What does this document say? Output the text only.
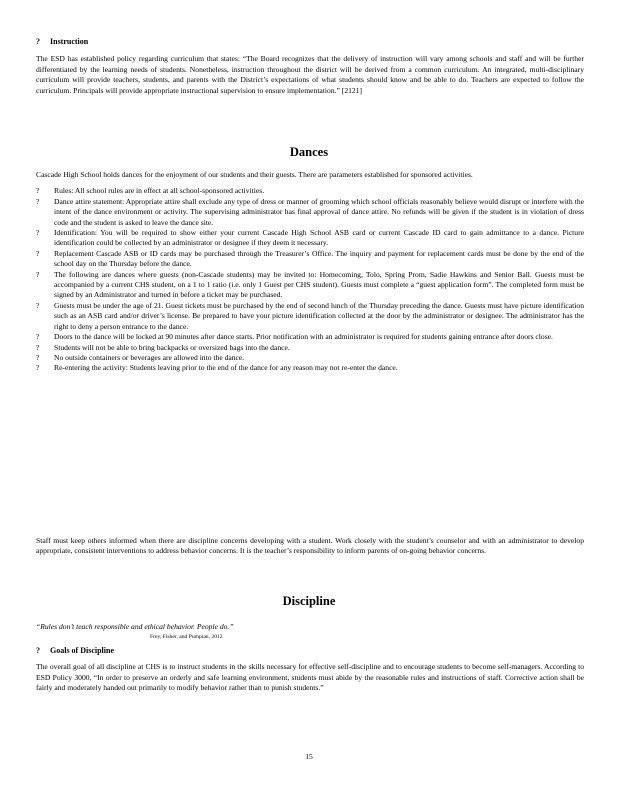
? Instruction
The ESD has established policy regarding curriculum that states: “The Board recognizes that the delivery of instruction will vary among schools and staff and will be further differentiated by the learning needs of students. Nonetheless, instruction throughout the district will be derived from a common curriculum. An integrated, multi-disciplinary curriculum will provide teachers, students, and parents with the District’s expectations of what students should know and be able to do. Teachers are expected to follow the curriculum. Principals will provide appropriate instructional supervision to ensure implementation.” [2121]
Dances
Cascade High School holds dances for the enjoyment of our students and their guests. There are parameters established for sponsored activities.
?	Rules: All school rules are in effect at all school-sponsored activities.
?	Dance attire statement: Appropriate attire shall exclude any type of dress or manner of grooming which school officials reasonably believe would disrupt or interfere with the intent of the dance environment or activity. The supervising administrator has final approval of dance attire. No refunds will be given if the student is in violation of dress code and the student is asked to leave the dance site.
?	Identification: You will be required to show either your current Cascade High School ASB card or current Cascade ID card to gain admittance to a dance. Picture identification could be collected by an administrator or designee if they deem it necessary.
?	Replacement Cascade ASB or ID cards may be purchased through the Treasurer’s Office. The inquiry and payment for replacement cards must be done by the end of the school day on the Thursday before the dance.
?	The following are dances where guests (non-Cascade students) may be invited to: Homecoming, Tolo, Spring Prom, Sadie Hawkins and Senior Ball. Guests must be accompanied by a current CHS student, on a 1 to 1 ratio (i.e. only 1 Guest per CHS student). Guests must complete a “guest application form”. The completed form must be signed by an Administrator and turned in before a ticket may be purchased.
?	Guests must be under the age of 21. Guest tickets must be purchased by the end of second lunch of the Thursday preceding the dance. Guests must have picture identification such as an ASB card and/or driver’s license. Be prepared to have your picture identification collected at the door by the administrator or designee. The administrator has the right to deny a person entrance to the dance.
?	Doors to the dance will be locked at 90 minutes after dance starts. Prior notification with an administrator is required for students gaining entrance after doors close.
?	Students will not be able to bring backpacks or oversized bags into the dance.
?	No outside containers or beverages are allowed into the dance.
?	Re-entering the activity: Students leaving prior to the end of the dance for any reason may not re-enter the dance.
Staff must keep others informed when there are discipline concerns developing with a student. Work closely with the student’s counselor and with an administrator to develop appropriate, consistent interventions to address behavior concerns. It is the teacher’s responsibility to inform parents of on-going behavior concerns.
Discipline
“Rules don’t teach responsible and ethical behavior. People do.”
Frey, Fisher, and Pumpian, 2012
? Goals of Discipline
The overall goal of all discipline at CHS is to instruct students in the skills necessary for effective self-discipline and to encourage students to become self-managers. According to ESD Policy 3000, “In order to preserve an orderly and safe learning environment, students must abide by the reasonable rules and instructions of staff. Corrective action shall be fairly and moderately handed out primarily to modify behavior rather than to punish students.”
15
